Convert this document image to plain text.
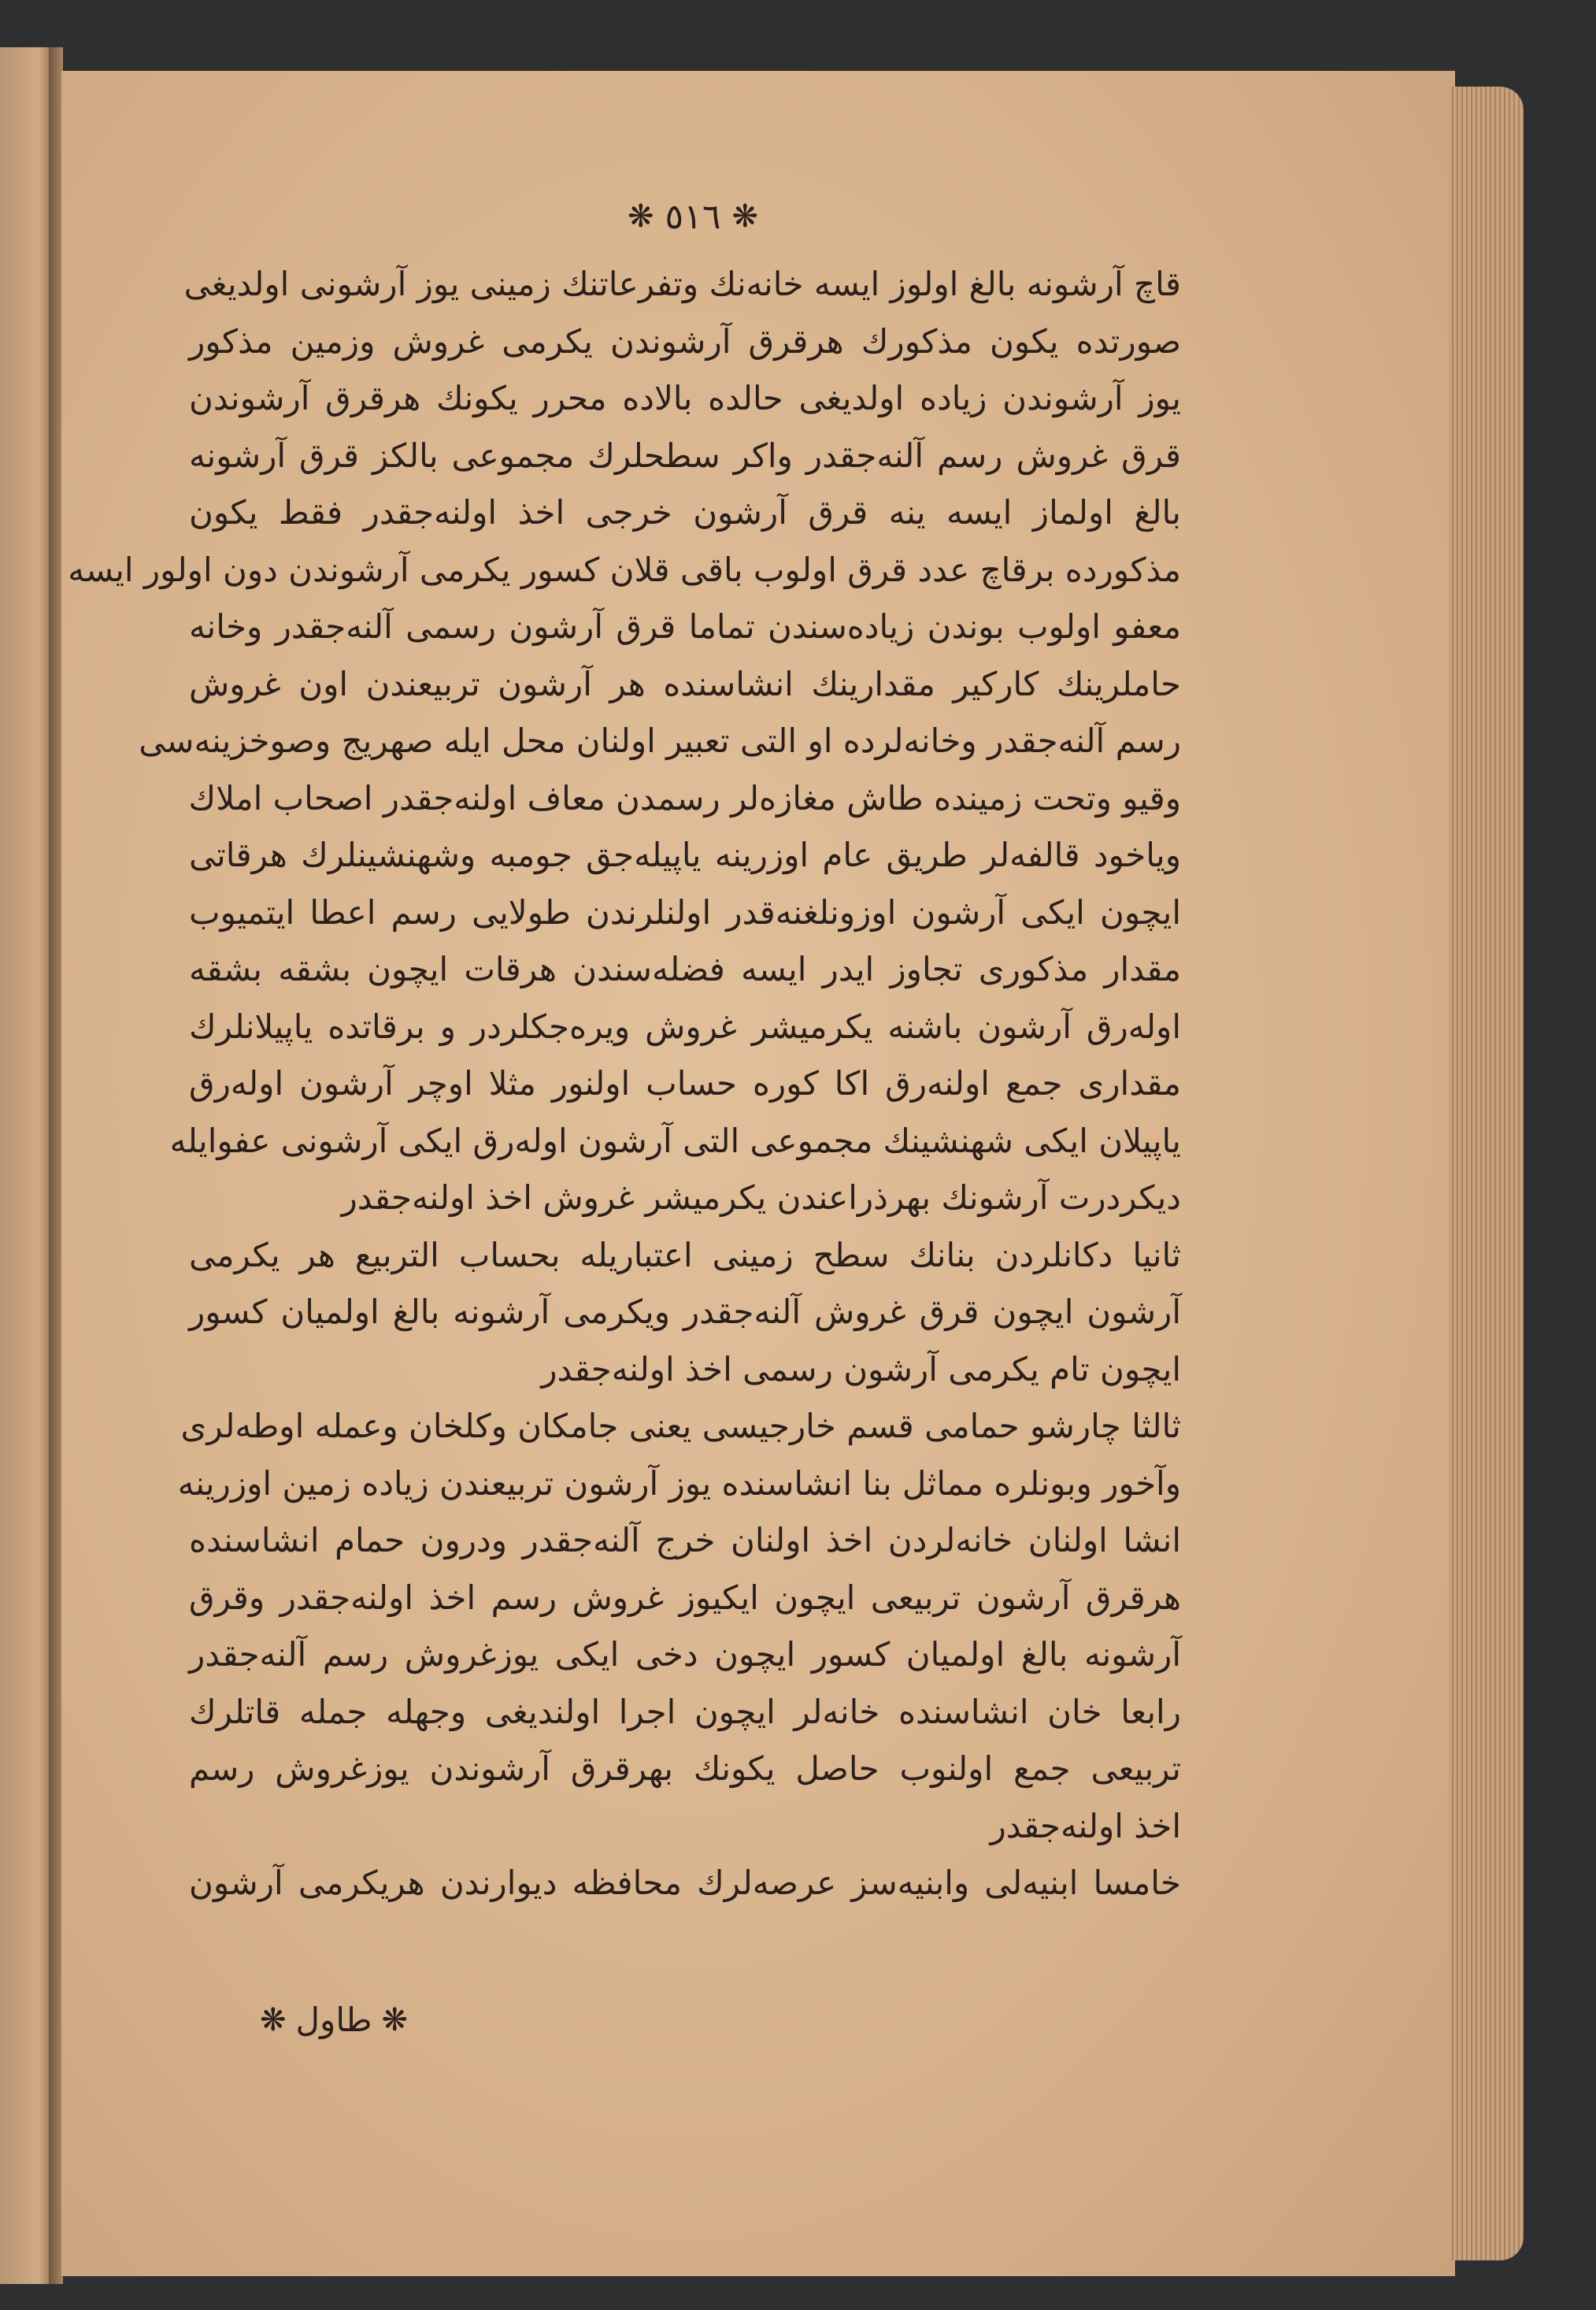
❋
٥١٦
❋
قاچ آرشونه بالغ اولوز ایسه خانه‌نك وتفرعاتنك زمینی یوز آرشونی اولدیغی
صورتده یکون مذکورك هرقرق آرشوندن یکرمی غروش وزمین مذکور
یوز آرشوندن زیاده اولدیغی حالده بالاده محرر یکونك هرقرق آرشوندن
قرق غروش رسم آلنه‌جقدر واکر سطحلرك مجموعی بالکز قرق آرشونه
بالغ اولماز ایسه ینه قرق آرشون خرجی اخذ اولنه‌جقدر فقط یکون
مذکورده برقاچ عدد قرق اولوب باقی قلان کسور یکرمی آرشوندن دون اولور ایسه
معفو اولوب بوندن زیاده‌سندن تماما قرق آرشون رسمی آلنه‌جقدر وخانه
حاملرینك کارکیر مقدارینك انشاسنده هر آرشون تربیعندن اون غروش
رسم آلنه‌جقدر وخانه‌لرده او التی تعبیر اولنان محل ایله صهریج وصوخزینه‌سی
وقیو وتحت زمینده طاش مغازه‌لر رسمدن معاف اولنه‌جقدر اصحاب املاك
ویاخود قالفه‌لر طریق عام اوزرینه یاپیله‌جق جومبه وشهنشینلرك هرقاتی
ایچون ایکی آرشون اوزونلغنه‌قدر اولنلرندن طولایی رسم اعطا ایتمیوب
مقدار مذکوری تجاوز ایدر ایسه فضله‌سندن هرقات ایچون بشقه بشقه
اوله‌رق آرشون باشنه یکرمیشر غروش ویره‌جکلردر و برقاتده یاپیلانلرك
مقداری جمع اولنه‌رق اکا کوره حساب اولنور مثلا اوچر آرشون اوله‌رق
یاپیلان ایکی شهنشینك مجموعی التی آرشون اوله‌رق ایکی آرشونی عفوایله
دیکردرت آرشونك بهرذراعندن یکرمیشر غروش اخذ اولنه‌جقدر
ثانیا دکانلردن بنانك سطح زمینی اعتباریله بحساب التربیع هر یکرمی
آرشون ایچون قرق غروش آلنه‌جقدر ویکرمی آرشونه بالغ اولمیان کسور
ایچون تام یکرمی آرشون رسمی اخذ اولنه‌جقدر
ثالثا چارشو حمامی قسم خارجیسی یعنی جامکان وکلخان وعمله اوطه‌لری
وآخور وبونلره مماثل بنا انشاسنده یوز آرشون تربیعندن زیاده زمین اوزرینه
انشا اولنان خانه‌لردن اخذ اولنان خرج آلنه‌جقدر ودرون حمام انشاسنده
هرقرق آرشون تربیعی ایچون ایکیوز غروش رسم اخذ اولنه‌جقدر وقرق
آرشونه بالغ اولمیان کسور ایچون دخی ایکی یوزغروش رسم آلنه‌جقدر
رابعا خان انشاسنده خانه‌لر ایچون اجرا اولندیغی وجهله جمله قاتلرك
تربیعی جمع اولنوب حاصل یکونك بهرقرق آرشوندن یوزغروش رسم
اخذ اولنه‌جقدر
خامسا ابنیه‌لی وابنیه‌سز عرصه‌لرك محافظه دیوارندن هریکرمی آرشون
❋
طاول
❋
